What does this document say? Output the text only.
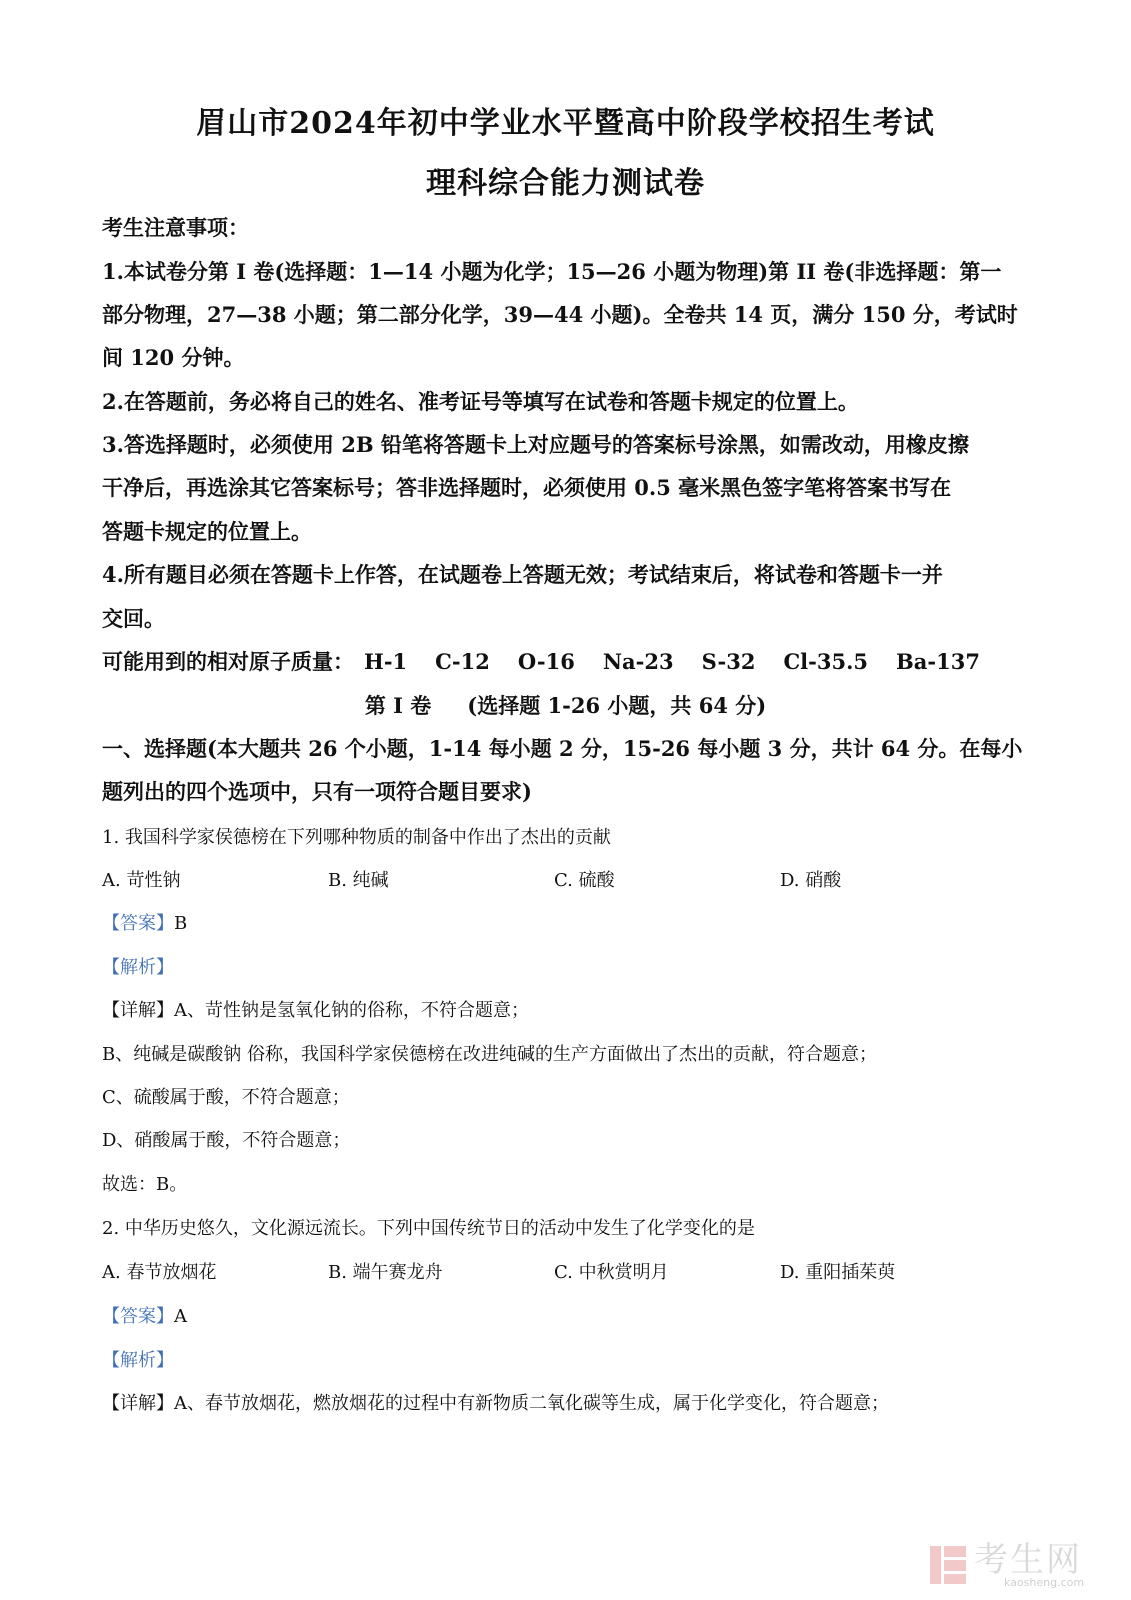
眉山市2024年初中学业水平暨高中阶段学校招生考试
理科综合能力测试卷
考生注意事项：
1.本试卷分第 I 卷(选择题：1—14 小题为化学；15—26 小题为物理)第 II 卷(非选择题：第一
部分物理，27—38 小题；第二部分化学，39—44 小题)。全卷共 14 页，满分 150 分，考试时
间 120 分钟。
2.在答题前，务必将自己的姓名、准考证号等填写在试卷和答题卡规定的位置上。
3.答选择题时，必须使用 2B 铅笔将答题卡上对应题号的答案标号涂黑，如需改动，用橡皮擦
干净后，再选涂其它答案标号；答非选择题时，必须使用 0.5 毫米黑色签字笔将答案书写在
答题卡规定的位置上。
4.所有题目必须在答题卡上作答，在试题卷上答题无效；考试结束后，将试卷和答题卡一并
交回。
可能用到的相对原子质量： H-1 C-12 O-16 Na-23 S-32 Cl-35.5 Ba-137
第 I 卷 (选择题 1-26 小题，共 64 分)
一、选择题(本大题共 26 个小题，1-14 每小题 2 分，15-26 每小题 3 分，共计 64 分。在每小
题列出的四个选项中，只有一项符合题目要求)
1. 我国科学家侯德榜在下列哪种物质的制备中作出了杰出的贡献
A. 苛性钠	B. 纯碱	C. 硫酸	D. 硝酸
【答案】B
【解析】
【详解】A、苛性钠是氢氧化钠的俗称，不符合题意；
B、纯碱是碳酸钠 俗称，我国科学家侯德榜在改进纯碱的生产方面做出了杰出的贡献，符合题意；
C、硫酸属于酸，不符合题意；
D、硝酸属于酸，不符合题意；
故选：B。
2. 中华历史悠久，文化源远流长。下列中国传统节日的活动中发生了化学变化的是
A. 春节放烟花	B. 端午赛龙舟	C. 中秋赏明月	D. 重阳插茱萸
【答案】A
【解析】
【详解】A、春节放烟花，燃放烟花的过程中有新物质二氧化碳等生成，属于化学变化，符合题意；
考生网
kaosheng.com
